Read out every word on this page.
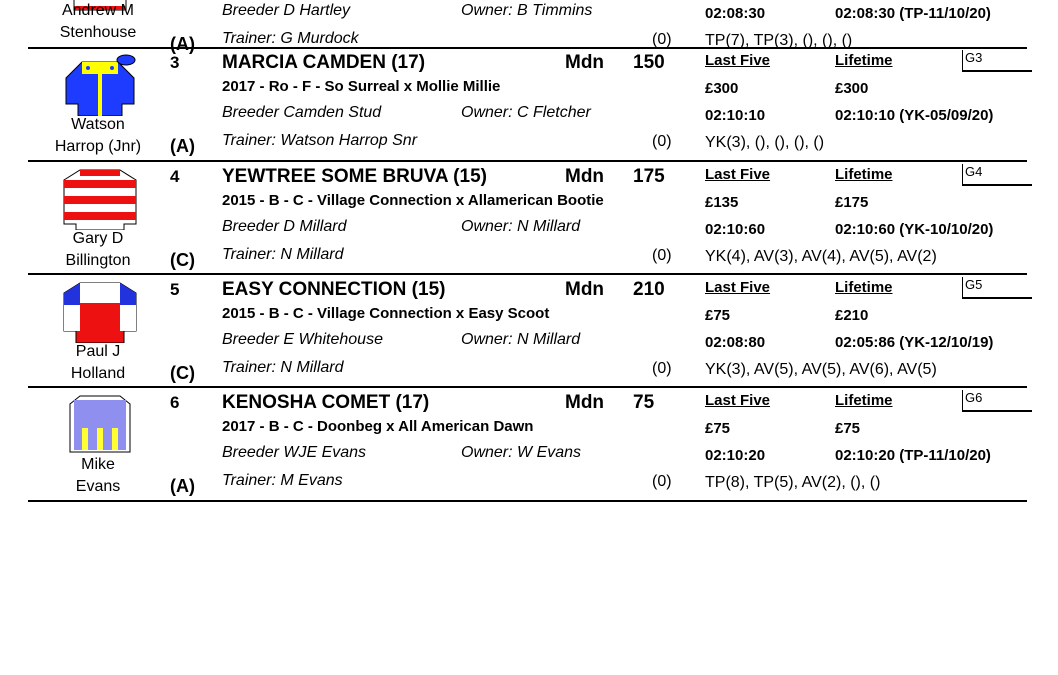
Andrew M
Stenhouse
(A)
Breeder D Hartley	Owner: B Timmins
Trainer: G Murdock	(0)
02:08:30	02:08:30 (TP-11/10/20)
TP(7), TP(3), (), (), ()
Watson
Harrop (Jnr)
3
(A)
MARCIA CAMDEN (17)	Mdn 150
2017 - Ro - F - So Surreal x Mollie Millie
Breeder Camden Stud	Owner: C Fletcher
Trainer: Watson Harrop Snr	(0)
Last Five	Lifetime
£300	£300
02:10:10	02:10:10 (YK-05/09/20)
YK(3), (), (), (), ()
G3
Gary D
Billington
4
(C)
YEWTREE SOME BRUVA (15)	Mdn 175
2015 - B - C - Village Connection x Allamerican Bootie
Breeder D Millard	Owner: N Millard
Trainer: N Millard	(0)
Last Five	Lifetime
£135	£175
02:10:60	02:10:60 (YK-10/10/20)
YK(4), AV(3), AV(4), AV(5), AV(2)
G4
Paul J
Holland
5
(C)
EASY CONNECTION (15)	Mdn 210
2015 - B - C - Village Connection x Easy Scoot
Breeder E Whitehouse	Owner: N Millard
Trainer: N Millard	(0)
Last Five	Lifetime
£75	£210
02:08:80	02:05:86 (YK-12/10/19)
YK(3), AV(5), AV(5), AV(6), AV(5)
G5
Mike
Evans
6
(A)
KENOSHA COMET (17)	Mdn 75
2017 - B - C - Doonbeg x All American Dawn
Breeder WJE Evans	Owner: W Evans
Trainer: M Evans	(0)
Last Five	Lifetime
£75	£75
02:10:20	02:10:20 (TP-11/10/20)
TP(8), TP(5), AV(2), (), ()
G6
